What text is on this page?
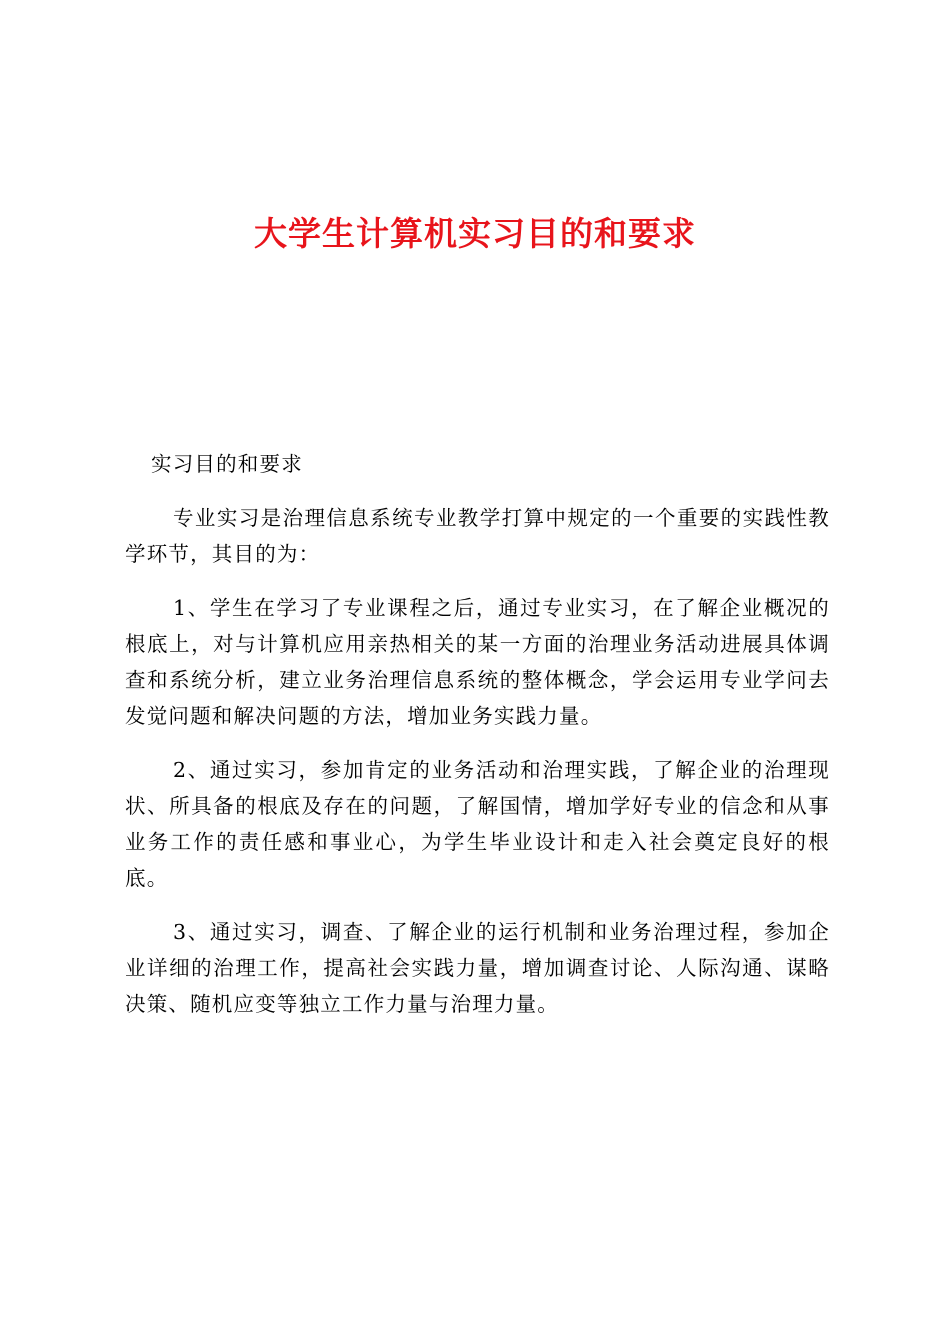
大学生计算机实习目的和要求

实习目的和要求

专业实习是治理信息系统专业教学打算中规定的一个重要的实践性教学环节，其目的为：

1、学生在学习了专业课程之后，通过专业实习，在了解企业概况的根底上，对与计算机应用亲热相关的某一方面的治理业务活动进展具体调查和系统分析，建立业务治理信息系统的整体概念，学会运用专业学问去发觉问题和解决问题的方法，增加业务实践力量。

2、通过实习，参加肯定的业务活动和治理实践，了解企业的治理现状、所具备的根底及存在的问题，了解国情，增加学好专业的信念和从事业务工作的责任感和事业心，为学生毕业设计和走入社会奠定良好的根底。

3、通过实习，调查、了解企业的运行机制和业务治理过程，参加企业详细的治理工作，提高社会实践力量，增加调查讨论、人际沟通、谋略决策、随机应变等独立工作力量与治理力量。
